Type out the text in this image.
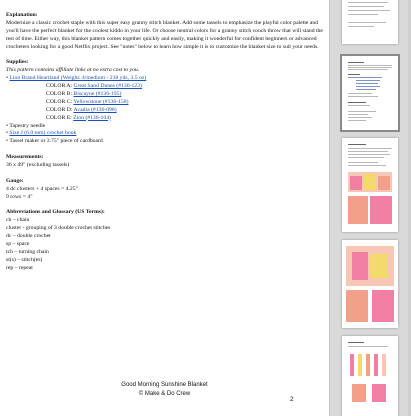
Explanation:

Modernize a classic crochet staple with this super easy granny stitch blanket. Add some tassels to emphasize the playful color palette and you'll have the perfect blanket for the coolest kiddo in your life. Or choose neutral colors for a granny stitch couch throw that will stand the test of time. Either way, this blanket pattern comes together quickly and easily, making it wonderful for confident beginners or advanced crocheters looking for a good Netflix project. See "notes" below to learn how simple it is to customize the blanket size to suit your needs.

Supplies:

This pattern contains affiliate links at no extra cost to you.

• Lion Brand Heartland (Weight: 4/medium - 218 yds, 3.5 oz)

COLOR A: Great Sand Dunes (#136-123)

COLOR B: Biscayne (#136-195)

COLOR C: Yellowstone (#136-158)

COLOR D: Acadia (#136-098)

COLOR E: Zion (#136-104)

• Tapestry needle

• Size J (6.0 mm) crochet hook

• Tassel maker or 3.75" piece of cardboard

Measurements:

36 x 49" (excluding tassels)

Gauge:

4 dc clusters + 4 spaces = 4.25"

9 rows = 4"

Abbreviations and Glossary (US Terms):

ch – chain

cluster - grouping of 3 double crochet stitches

dc – double crochet

sp – space

tch – turning chain

st(s) – stitch(es)

rep – repeat

Good Morning Sunshine Blanket
© Make & Do Crew
2
